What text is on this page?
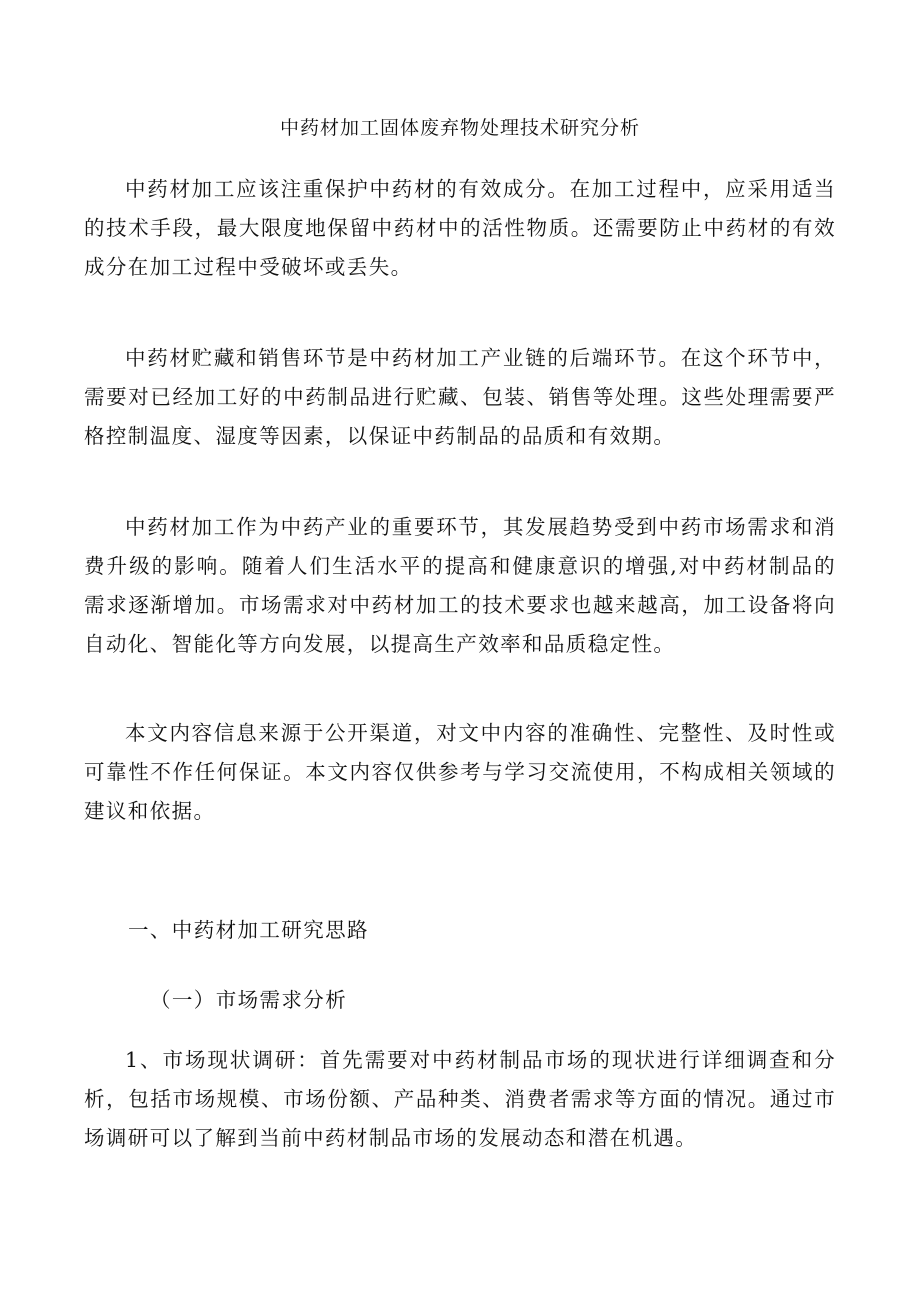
中药材加工固体废弃物处理技术研究分析

中药材加工应该注重保护中药材的有效成分。在加工过程中，应采用适当的技术手段，最大限度地保留中药材中的活性物质。还需要防止中药材的有效成分在加工过程中受破坏或丢失。

中药材贮藏和销售环节是中药材加工产业链的后端环节。在这个环节中，需要对已经加工好的中药制品进行贮藏、包装、销售等处理。这些处理需要严格控制温度、湿度等因素，以保证中药制品的品质和有效期。

中药材加工作为中药产业的重要环节，其发展趋势受到中药市场需求和消费升级的影响。随着人们生活水平的提高和健康意识的增强,对中药材制品的需求逐渐增加。市场需求对中药材加工的技术要求也越来越高，加工设备将向自动化、智能化等方向发展，以提高生产效率和品质稳定性。

本文内容信息来源于公开渠道，对文中内容的准确性、完整性、及时性或可靠性不作任何保证。本文内容仅供参考与学习交流使用，不构成相关领域的建议和依据。

一、中药材加工研究思路
（一）市场需求分析

1、市场现状调研：首先需要对中药材制品市场的现状进行详细调查和分析，包括市场规模、市场份额、产品种类、消费者需求等方面的情况。通过市场调研可以了解到当前中药材制品市场的发展动态和潜在机遇。
